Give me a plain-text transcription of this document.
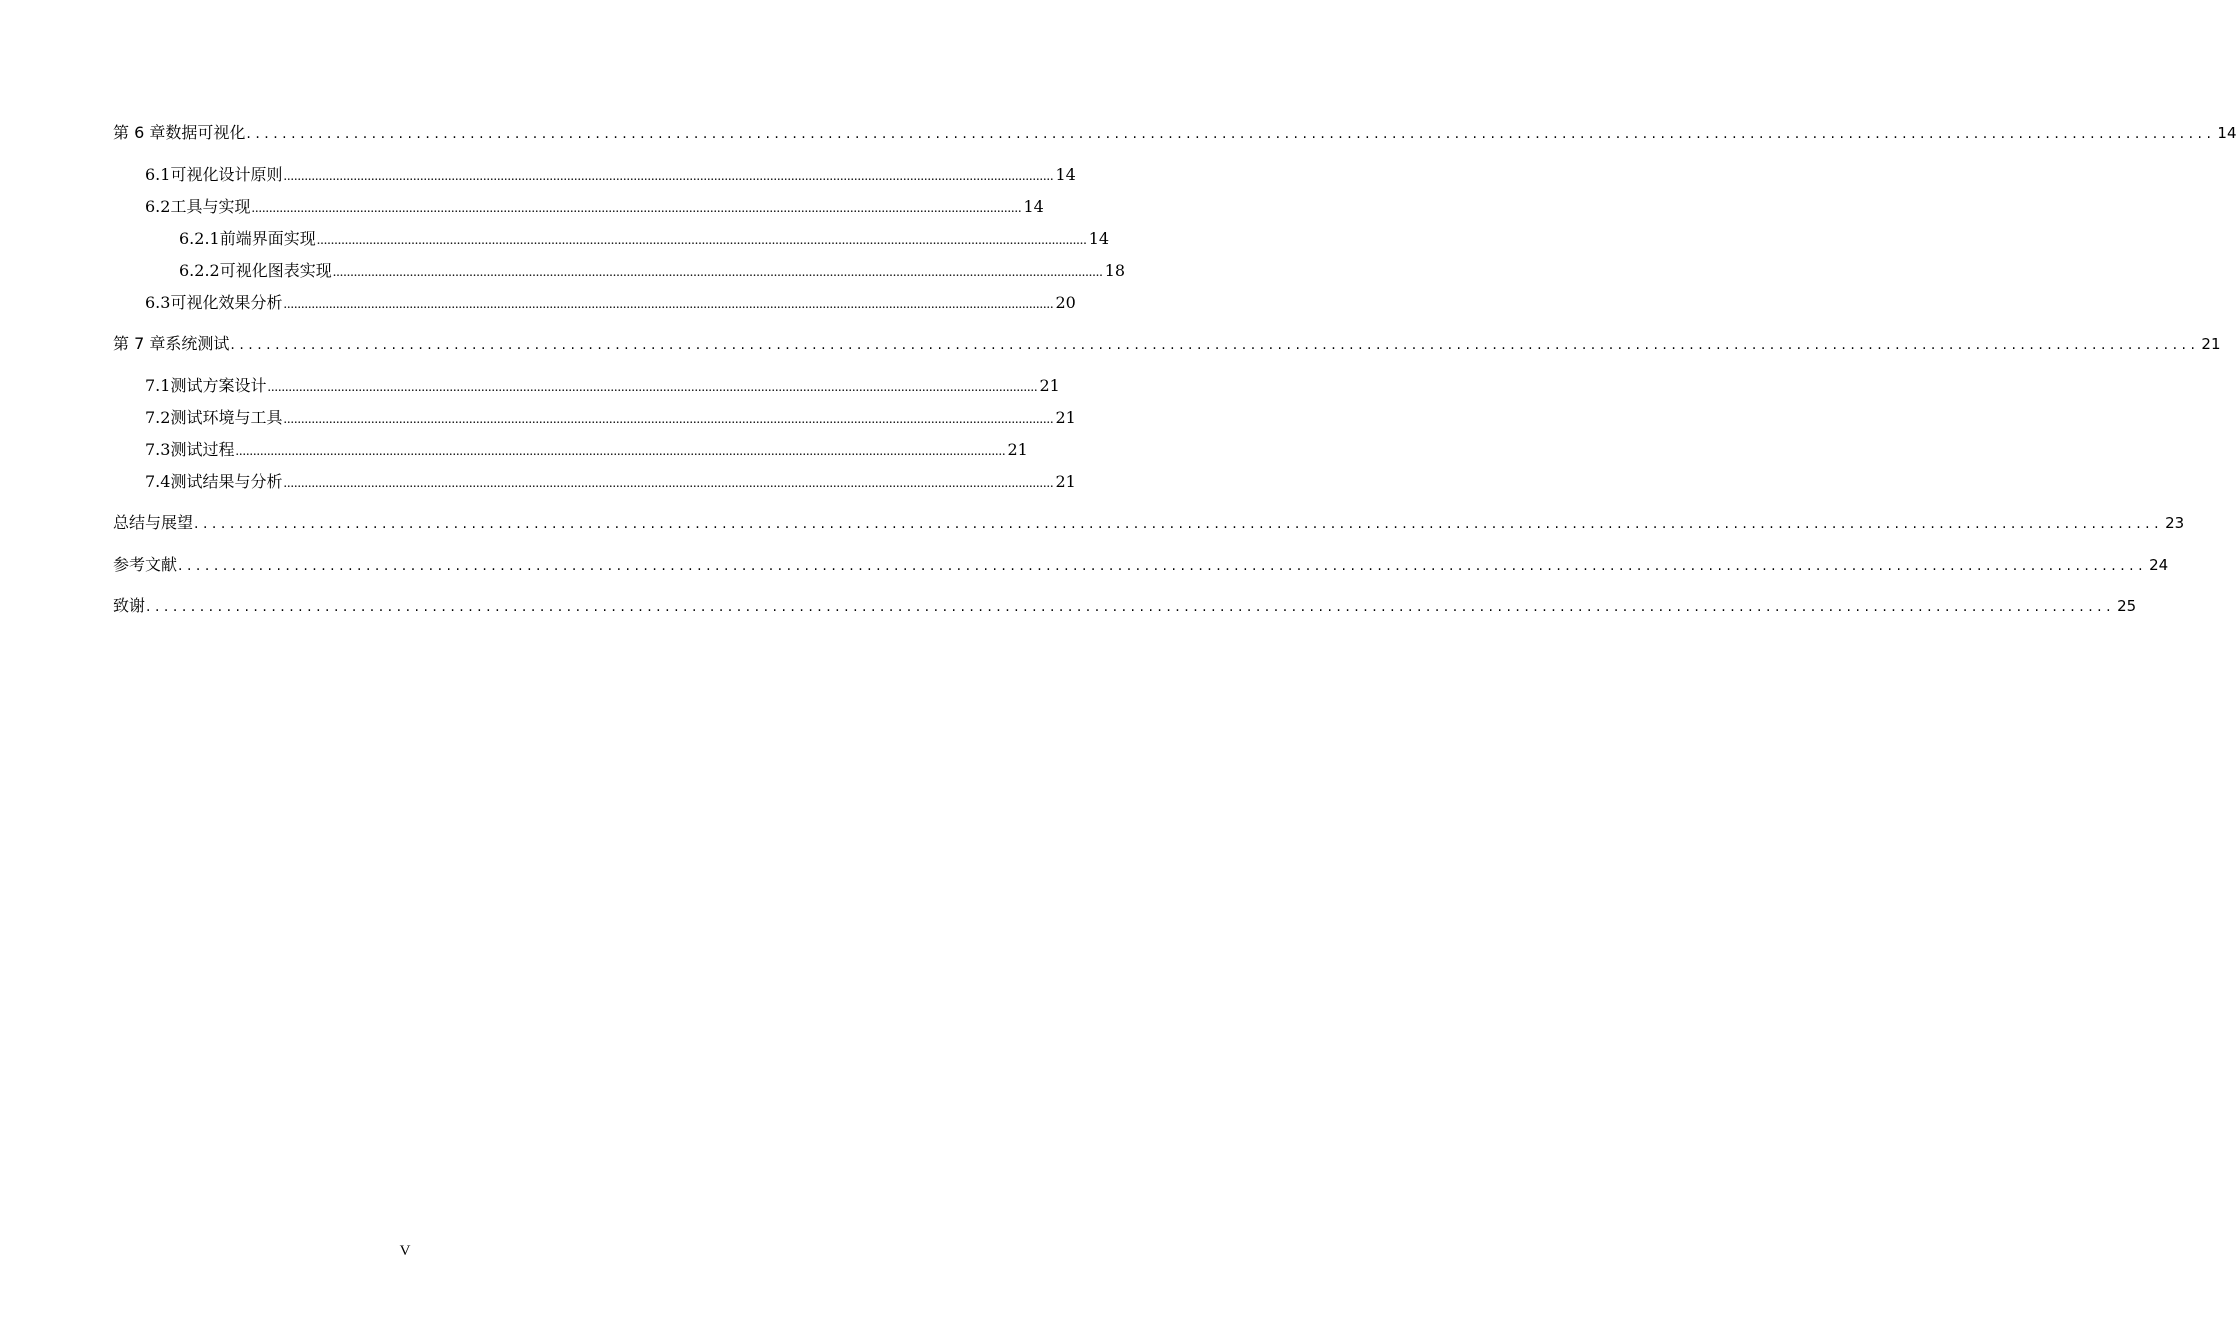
第 6 章 数据可视化 ............................................................................................................................................................................................................................ 14
6.1 可视化设计原则 ............................................................................................................................................................................................................................ 14
6.2 工具与实现 ............................................................................................................................................................................................................................ 14
6.2.1 前端界面实现 ............................................................................................................................................................................................................................ 14
6.2.2 可视化图表实现 ............................................................................................................................................................................................................................ 18
6.3 可视化效果分析 ............................................................................................................................................................................................................................ 20
第 7 章 系统测试 ............................................................................................................................................................................................................................ 21
7.1 测试方案设计 ............................................................................................................................................................................................................................ 21
7.2 测试环境与工具 ............................................................................................................................................................................................................................ 21
7.3 测试过程 ............................................................................................................................................................................................................................ 21
7.4 测试结果与分析 ............................................................................................................................................................................................................................ 21
总结与展望 ............................................................................................................................................................................................................................ 23
参考文献 ............................................................................................................................................................................................................................ 24
致谢 ............................................................................................................................................................................................................................ 25
V
